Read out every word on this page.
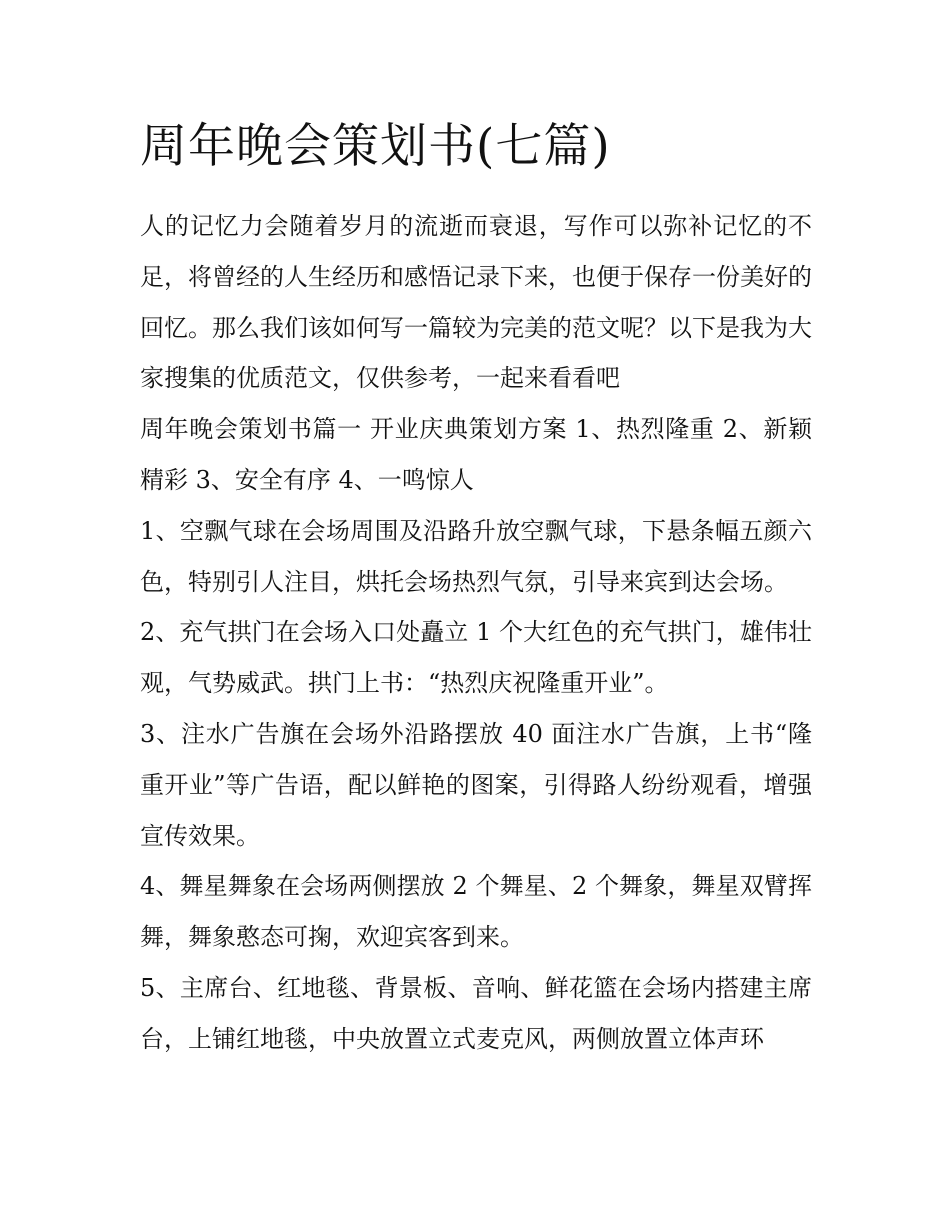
周年晚会策划书(七篇)

人的记忆力会随着岁月的流逝而衰退，写作可以弥补记忆的不足，将曾经的人生经历和感悟记录下来，也便于保存一份美好的回忆。那么我们该如何写一篇较为完美的范文呢？以下是我为大家搜集的优质范文，仅供参考，一起来看看吧

周年晚会策划书篇一 开业庆典策划方案 1、热烈隆重 2、新颖精彩 3、安全有序 4、一鸣惊人

1、空飘气球在会场周围及沿路升放空飘气球，下悬条幅五颜六色，特别引人注目，烘托会场热烈气氛，引导来宾到达会场。

2、充气拱门在会场入口处矗立 1 个大红色的充气拱门，雄伟壮观，气势威武。拱门上书：“热烈庆祝隆重开业”。

3、注水广告旗在会场外沿路摆放 40 面注水广告旗，上书“隆重开业”等广告语，配以鲜艳的图案，引得路人纷纷观看，增强宣传效果。

4、舞星舞象在会场两侧摆放 2 个舞星、2 个舞象，舞星双臂挥舞，舞象憨态可掬，欢迎宾客到来。

5、主席台、红地毯、背景板、音响、鲜花篮在会场内搭建主席台，上铺红地毯，中央放置立式麦克风，两侧放置立体声环
